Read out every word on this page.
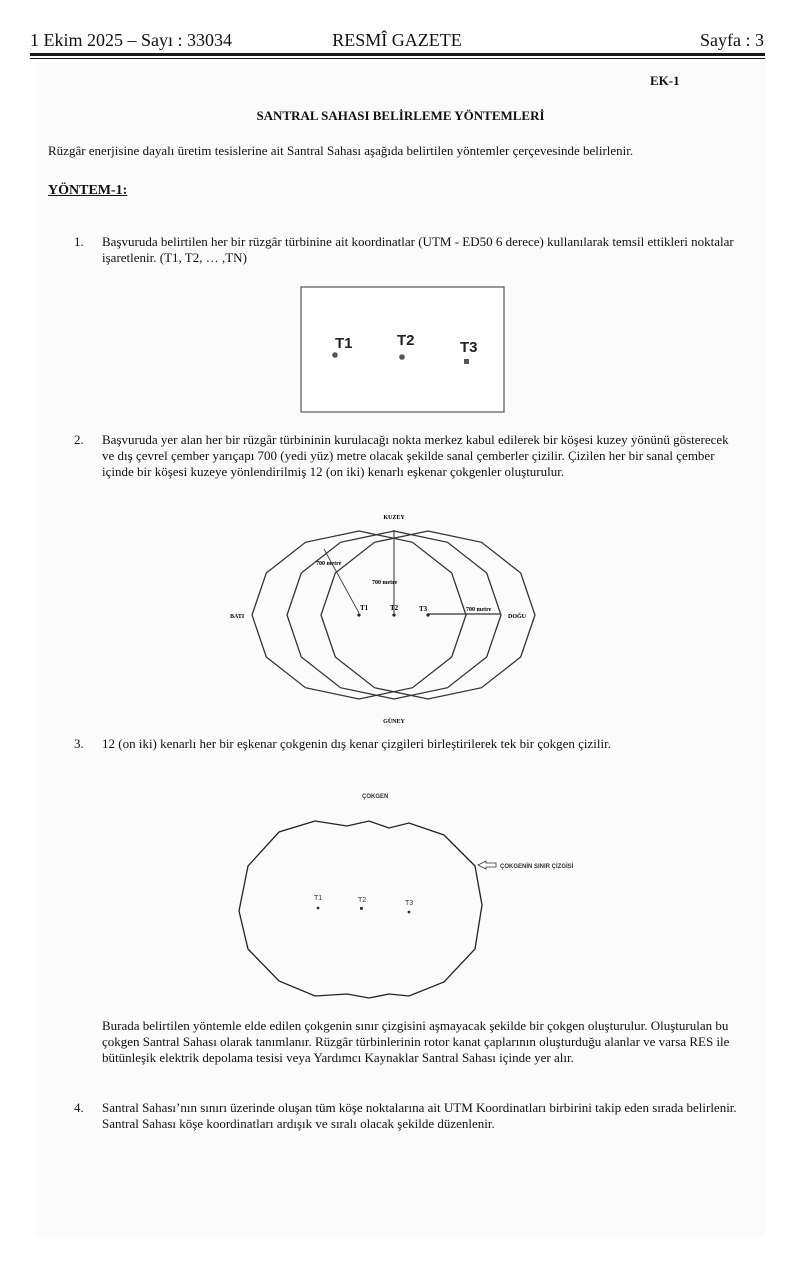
1 Ekim 2025 – Sayı : 33034	RESMÎ GAZETE	Sayfa : 3
EK-1
SANTRAL SAHASI BELİRLEME YÖNTEMLERİ
Rüzgâr enerjisine dayalı üretim tesislerine ait Santral Sahası aşağıda belirtilen yöntemler çerçevesinde belirlenir.
YÖNTEM-1:
1. Başvuruda belirtilen her bir rüzgâr türbinine ait koordinatlar (UTM - ED50 6 derece) kullanılarak temsil ettikleri noktalar
işaretlenir. (T1, T2, … ,TN)
T1	T2	T3
2. Başvuruda yer alan her bir rüzgâr türbininin kurulacağı nokta merkez kabul edilerek bir köşesi kuzey yönünü gösterecek
ve dış çevrel çember yarıçapı 700 (yedi yüz) metre olacak şekilde sanal çemberler çizilir. Çizilen her bir sanal çember
içinde bir köşesi kuzeye yönlendirilmiş 12 (on iki) kenarlı eşkenar çokgenler oluşturulur.
KUZEY
GÜNEY
BATI	DOĞU
700 metre
700 metre
700 metre
T1	T2	T3
3. 12 (on iki) kenarlı her bir eşkenar çokgenin dış kenar çizgileri birleştirilerek tek bir çokgen çizilir.
ÇOKGEN
ÇOKGENİN SINIR ÇİZGİSİ
T1	T2	T3
Burada belirtilen yöntemle elde edilen çokgenin sınır çizgisini aşmayacak şekilde bir çokgen oluşturulur. Oluşturulan bu
çokgen Santral Sahası olarak tanımlanır. Rüzgâr türbinlerinin rotor kanat çaplarının oluşturduğu alanlar ve varsa RES ile
bütünleşik elektrik depolama tesisi veya Yardımcı Kaynaklar Santral Sahası içinde yer alır.
4. Santral Sahası’nın sınırı üzerinde oluşan tüm köşe noktalarına ait UTM Koordinatları birbirini takip eden sırada belirlenir.
Santral Sahası köşe koordinatları ardışık ve sıralı olacak şekilde düzenlenir.
